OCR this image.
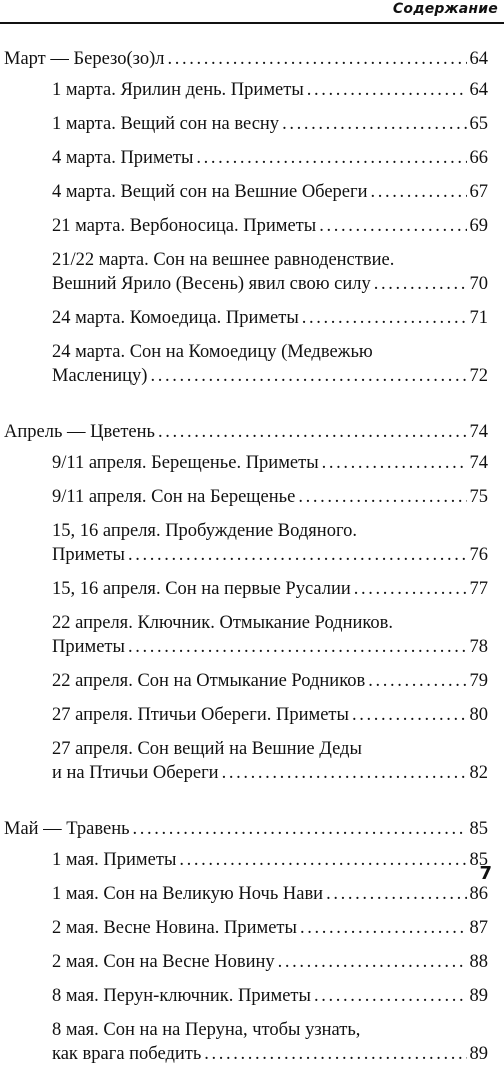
Содержание
Март — Березо(зо)л . . .	64
1 марта. Ярилин день. Приметы . . .	64
1 марта. Вещий сон на весну . . .	65
4 марта. Приметы . . .	66
4 марта. Вещий сон на Вешние Обереги . . .	67
21 марта. Вербоносица. Приметы . . .	69
21/22 марта. Сон на вешнее равноденствие.
Вешний Ярило (Весень) явил свою силу . . .	70
24 марта. Комоедица. Приметы . . .	71
24 марта. Сон на Комоедицу (Медвежью
Масленицу) . . .	72
Апрель — Цветень . . .	74
9/11 апреля. Берещенье. Приметы . . .	74
9/11 апреля. Сон на Берещенье . . .	75
15, 16 апреля. Пробуждение Водяного.
Приметы . . .	76
15, 16 апреля. Сон на первые Русалии . . .	77
22 апреля. Ключник. Отмыкание Родников.
Приметы . . .	78
22 апреля. Сон на Отмыкание Родников . . .	79
27 апреля. Птичьи Обереги. Приметы . . .	80
27 апреля. Сон вещий на Вешние Деды
и на Птичьи Обереги . . .	82
Май — Травень . . .	85
1 мая. Приметы . . .	85
1 мая. Сон на Великую Ночь Нави . . .	86
2 мая. Весне Новина. Приметы . . .	87
2 мая. Сон на Весне Новину . . .	88
8 мая. Перун-ключник. Приметы . . .	89
8 мая. Сон на на Перуна, чтобы узнать,
как врага победить . . .	89
7
